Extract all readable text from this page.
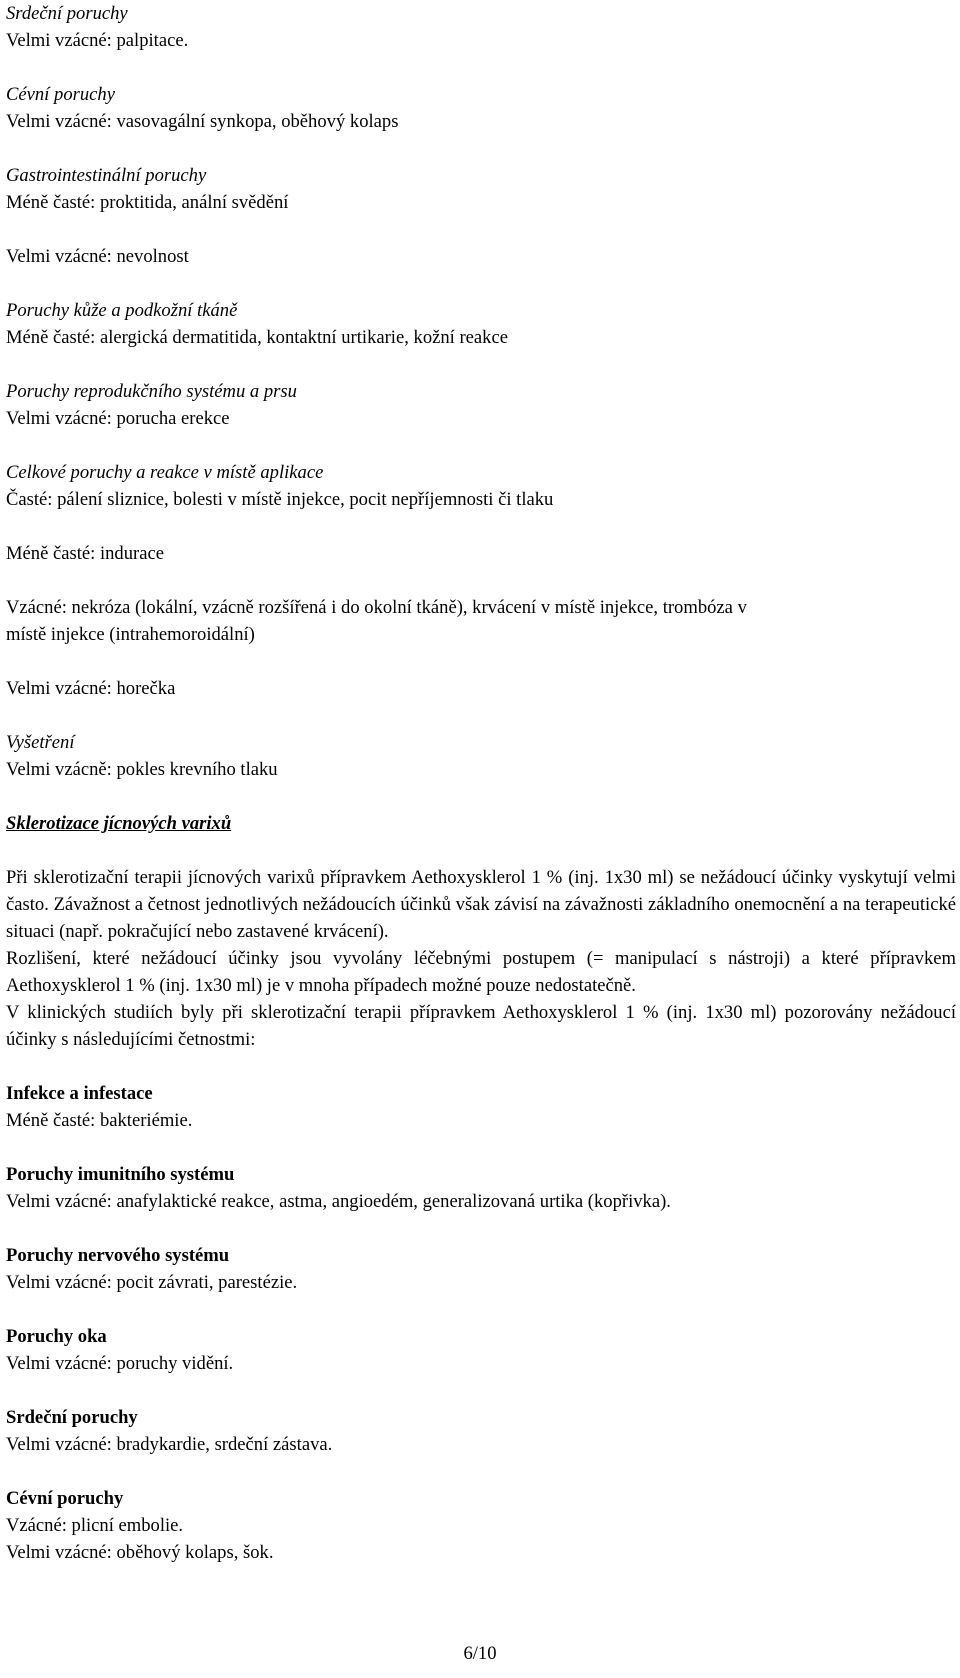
Srdeční poruchy
Velmi vzácné: palpitace.
Cévní poruchy
Velmi vzácné: vasovagální synkopa, oběhový kolaps
Gastrointestinální poruchy
Méně časté: proktitida, anální svědění
Velmi vzácné: nevolnost
Poruchy kůže a podkožní tkáně
Méně časté: alergická dermatitida, kontaktní urtikarie, kožní reakce
Poruchy reprodukčního systému a prsu
Velmi vzácné: porucha erekce
Celkové poruchy a reakce v místě aplikace
Časté: pálení sliznice, bolesti v místě injekce, pocit nepříjemnosti či tlaku
Méně časté: indurace
Vzácné: nekróza (lokální, vzácně rozšířená i do okolní tkáně), krvácení v místě injekce, trombóza v
místě injekce (intrahemoroidální)
Velmi vzácné: horečka
Vyšetření
Velmi vzácně: pokles krevního tlaku
Sklerotizace jícnových varixů
Při sklerotizační terapii jícnových varixů přípravkem Aethoxysklerol 1 % (inj. 1x30 ml) se nežádoucí účinky vyskytují velmi často. Závažnost a četnost jednotlivých nežádoucích účinků však závisí na závažnosti základního onemocnění a na terapeutické situaci (např. pokračující nebo zastavené krvácení).
Rozlišení, které nežádoucí účinky jsou vyvolány léčebnými postupem (= manipulací s nástroji) a které přípravkem Aethoxysklerol 1 % (inj. 1x30 ml) je v mnoha případech možné pouze nedostatečně.
V klinických studiích byly při sklerotizační terapii přípravkem Aethoxysklerol 1 % (inj. 1x30 ml) pozorovány nežádoucí účinky s následujícími četnostmi:
Infekce a infestace
Méně časté: bakteriémie.
Poruchy imunitního systému
Velmi vzácné: anafylaktické reakce, astma, angioedém, generalizovaná urtika (kopřivka).
Poruchy nervového systému
Velmi vzácné: pocit závrati, parestézie.
Poruchy oka
Velmi vzácné: poruchy vidění.
Srdeční poruchy
Velmi vzácné: bradykardie, srdeční zástava.
Cévní poruchy
Vzácné: plicní embolie.
Velmi vzácné: oběhový kolaps, šok.
6/10
